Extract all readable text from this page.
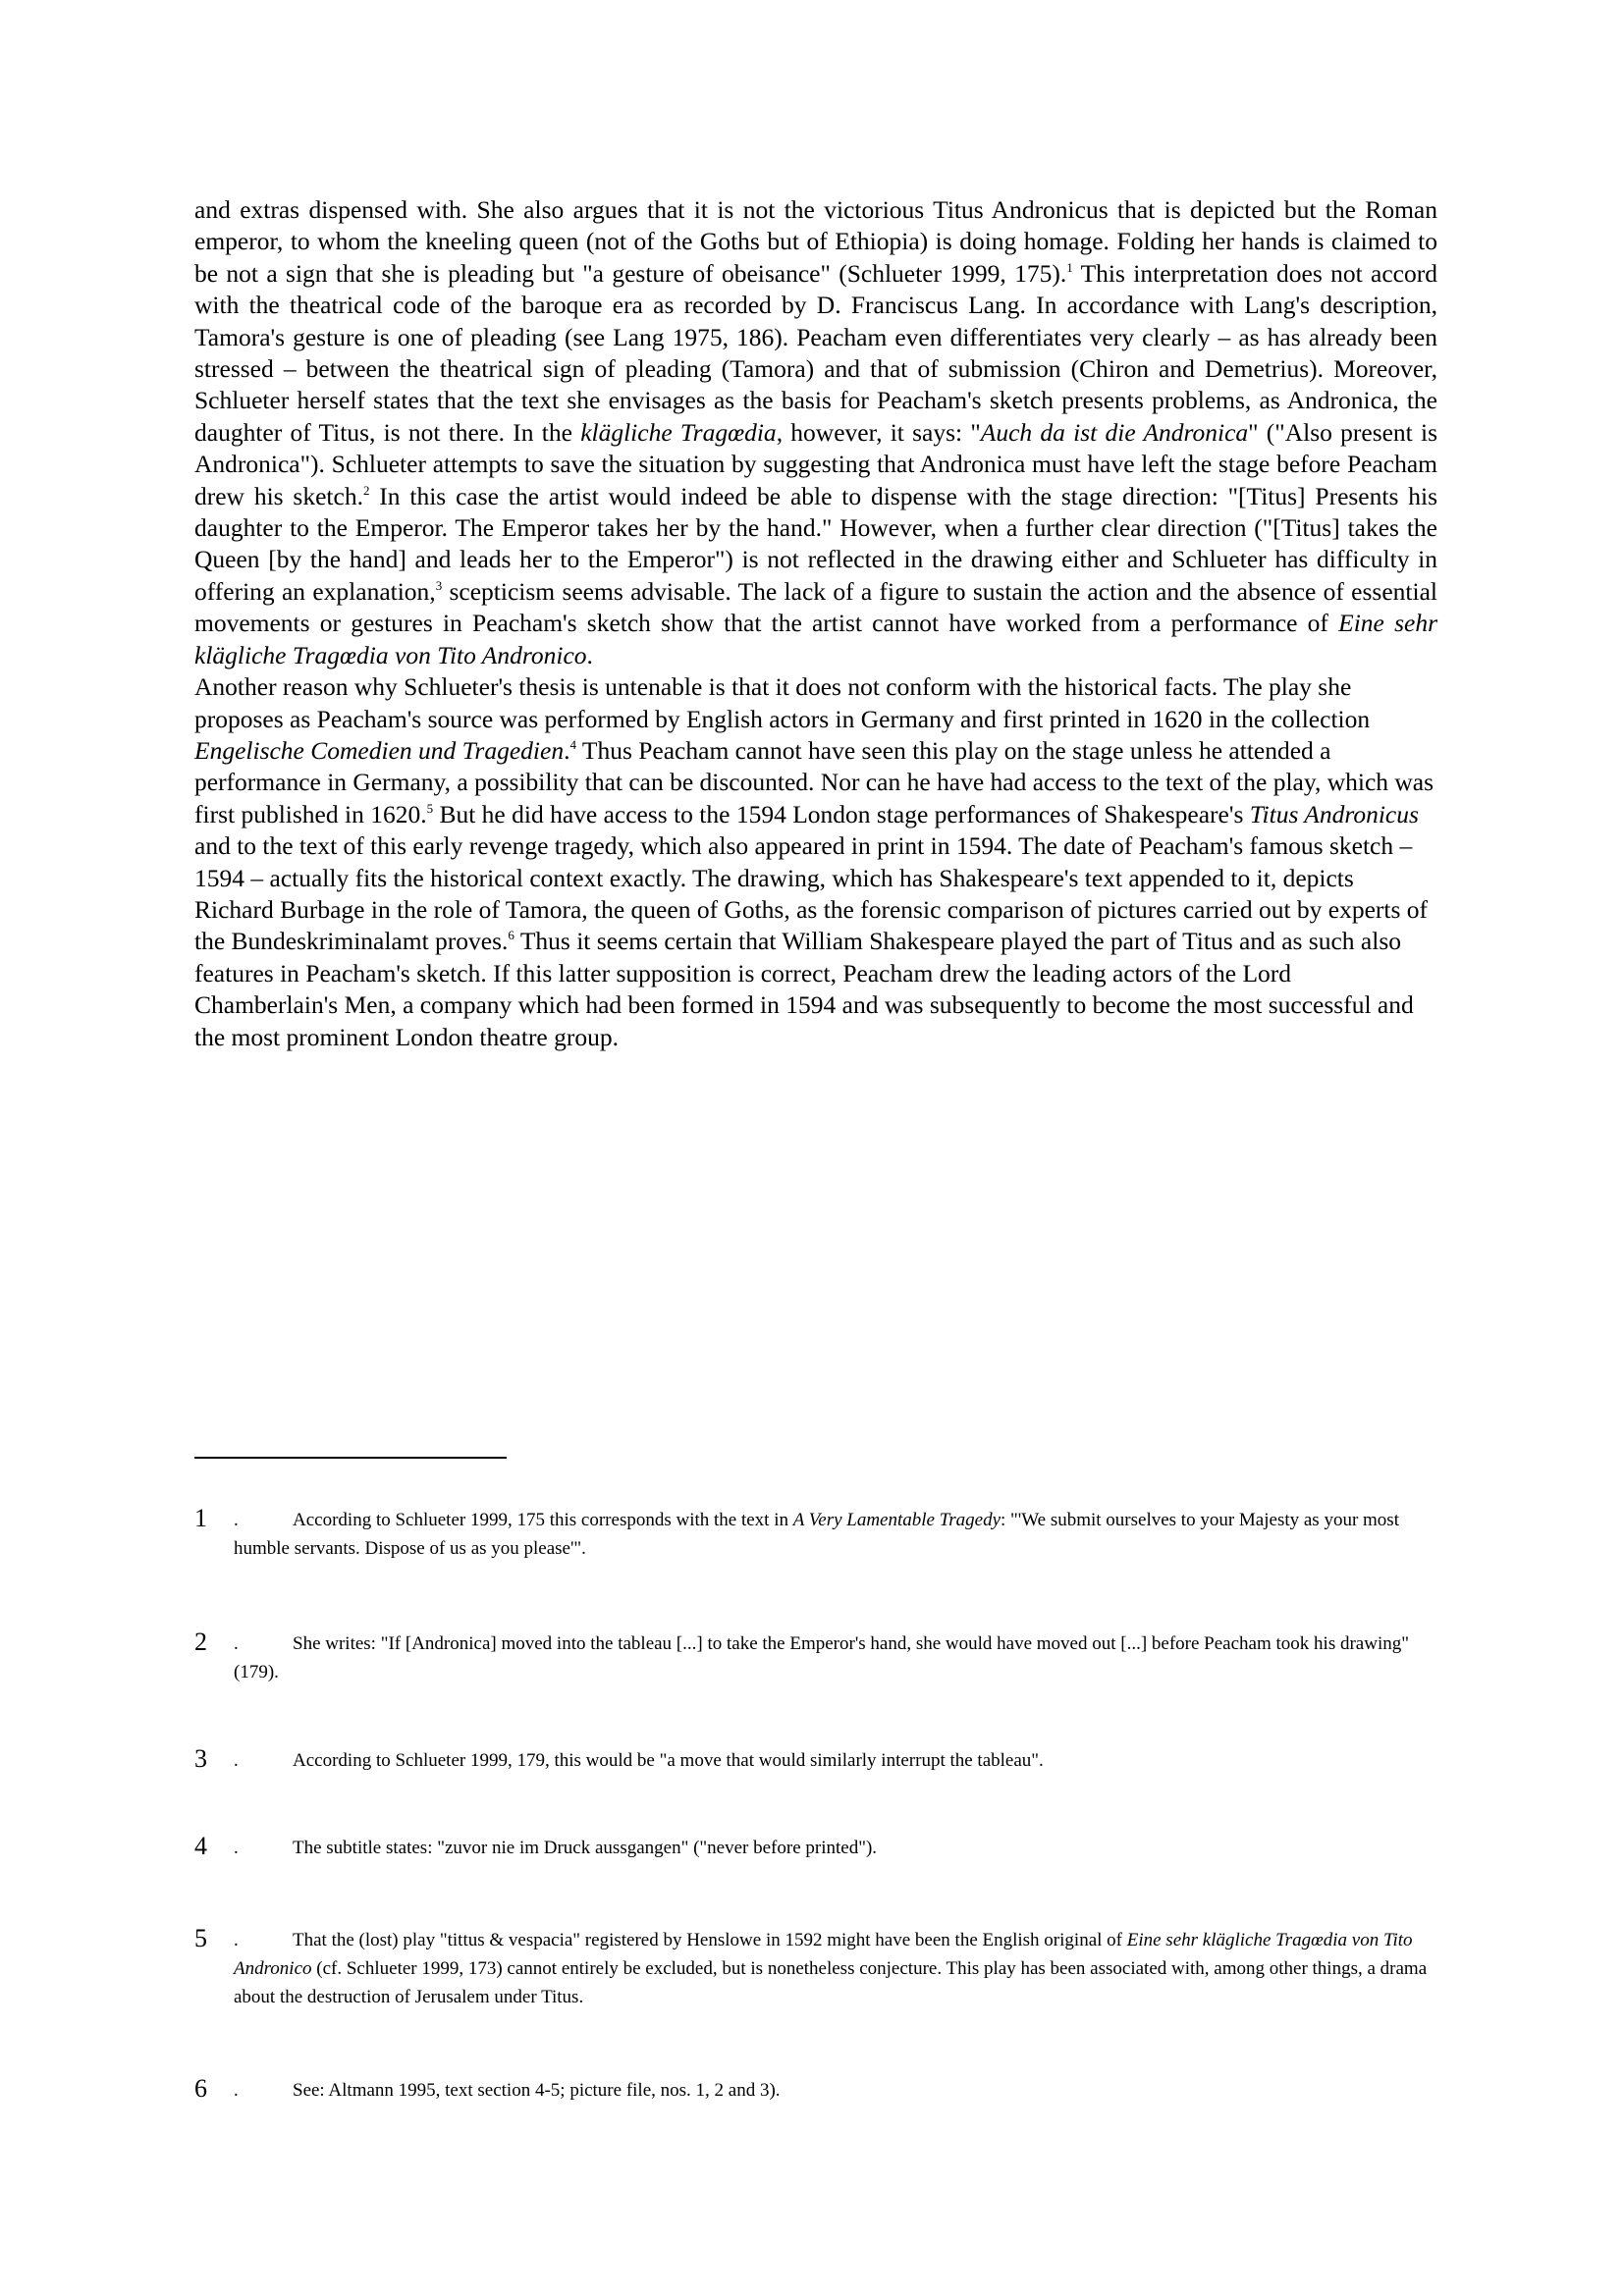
and extras dispensed with. She also argues that it is not the victorious Titus Andronicus that is depicted but the Roman emperor, to whom the kneeling queen (not of the Goths but of Ethiopia) is doing homage. Folding her hands is claimed to be not a sign that she is pleading but "a gesture of obeisance" (Schlueter 1999, 175).$^1$ This interpretation does not accord with the theatrical code of the baroque era as recorded by D. Franciscus Lang. In accordance with Lang's description, Tamora's gesture is one of pleading (see Lang 1975, 186). Peacham even differentiates very clearly – as has already been stressed – between the theatrical sign of pleading (Tamora) and that of submission (Chiron and Demetrius). Moreover, Schlueter herself states that the text she envisages as the basis for Peacham's sketch presents problems, as Andronica, the daughter of Titus, is not there. In the klägliche Tragœdia, however, it says: "Auch da ist die Andronica" ("Also present is Andronica"). Schlueter attempts to save the situation by suggesting that Andronica must have left the stage before Peacham drew his sketch.$^2$ In this case the artist would indeed be able to dispense with the stage direction: "[Titus] Presents his daughter to the Emperor. The Emperor takes her by the hand." However, when a further clear direction ("[Titus] takes the Queen [by the hand] and leads her to the Emperor") is not reflected in the drawing either and Schlueter has difficulty in offering an explanation,$^3$ scepticism seems advisable. The lack of a figure to sustain the action and the absence of essential movements or gestures in Peacham's sketch show that the artist cannot have worked from a performance of Eine sehr klägliche Tragœdia von Tito Andronico.

Another reason why Schlueter's thesis is untenable is that it does not conform with the historical facts. The play she proposes as Peacham's source was performed by English actors in Germany and first printed in 1620 in the collection Engelische Comedien und Tragedien.$^4$ Thus Peacham cannot have seen this play on the stage unless he attended a performance in Germany, a possibility that can be discounted. Nor can he have had access to the text of the play, which was first published in 1620.$^5$ But he did have access to the 1594 London stage performances of Shakespeare's Titus Andronicus and to the text of this early revenge tragedy, which also appeared in print in 1594. The date of Peacham's famous sketch – 1594 – actually fits the historical context exactly. The drawing, which has Shakespeare's text appended to it, depicts Richard Burbage in the role of Tamora, the queen of Goths, as the forensic comparison of pictures carried out by experts of the Bundeskriminalamt proves.$^6$ Thus it seems certain that William Shakespeare played the part of Titus and as such also features in Peacham's sketch. If this latter supposition is correct, Peacham drew the leading actors of the Lord Chamberlain's Men, a company which had been formed in 1594 and was subsequently to become the most successful and the most prominent London theatre group.

1 .	According to Schlueter 1999, 175 this corresponds with the text in A Very Lamentable Tragedy: "'We submit ourselves to your Majesty as your most humble servants. Dispose of us as you please'".
2 .	She writes: "If [Andronica] moved into the tableau [...] to take the Emperor's hand, she would have moved out [...] before Peacham took his drawing" (179).
3 .	According to Schlueter 1999, 179, this would be "a move that would similarly interrupt the tableau".
4 .	The subtitle states: "zuvor nie im Druck aussgangen" ("never before printed").
5 .	That the (lost) play "tittus & vespacia" registered by Henslowe in 1592 might have been the English original of Eine sehr klägliche Tragœdia von Tito Andronico (cf. Schlueter 1999, 173) cannot entirely be excluded, but is nonetheless conjecture. This play has been associated with, among other things, a drama about the destruction of Jerusalem under Titus.
6 .	See: Altmann 1995, text section 4-5; picture file, nos. 1, 2 and 3).
